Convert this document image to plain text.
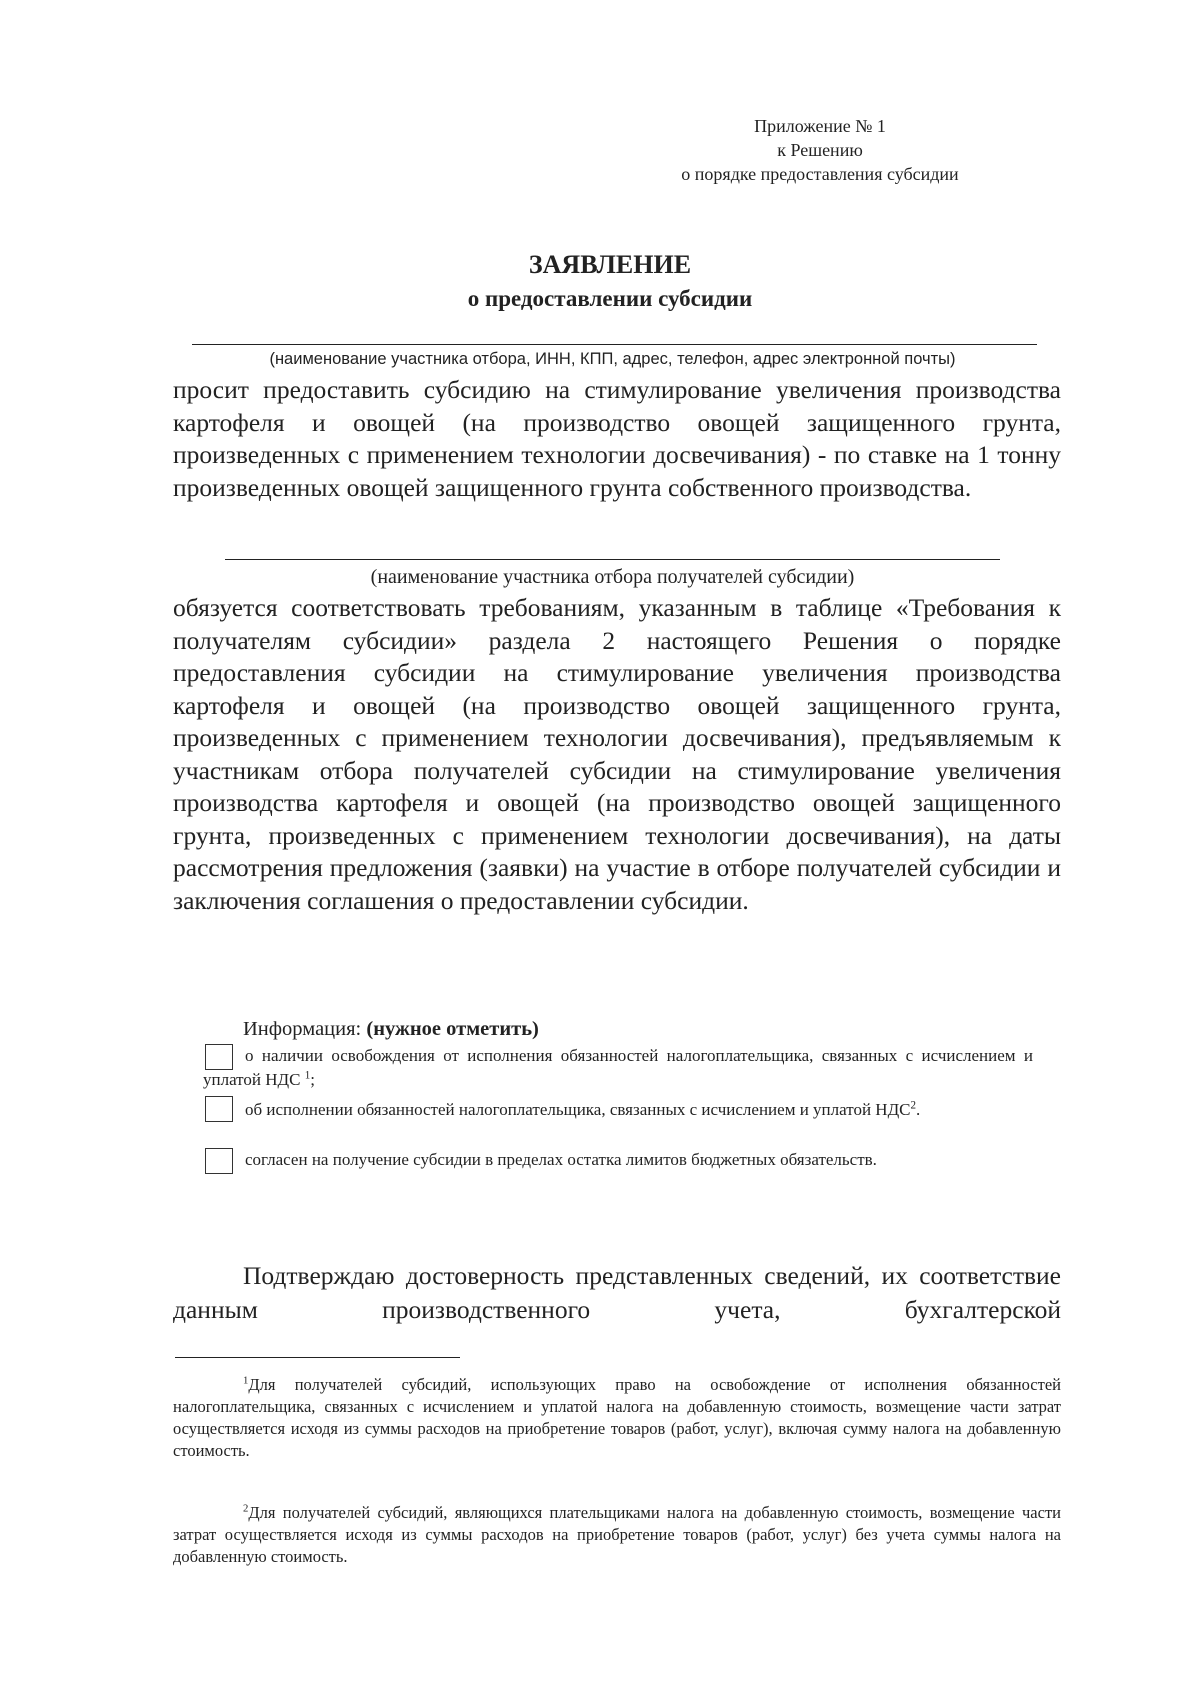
Приложение № 1
к Решению
о порядке предоставления субсидии
ЗАЯВЛЕНИЕ
о предоставлении субсидии
(наименование участника отбора, ИНН, КПП, адрес, телефон, адрес электронной почты)
просит предоставить субсидию на стимулирование увеличения производства картофеля и овощей (на производство овощей защищенного грунта, произведенных с применением технологии досвечивания) - по ставке на 1 тонну произведенных овощей защищенного грунта собственного производства.
(наименование участника отбора получателей субсидии)
обязуется соответствовать требованиям, указанным в таблице «Требования к получателям субсидии» раздела 2 настоящего Решения о порядке предоставления субсидии на стимулирование увеличения производства картофеля и овощей (на производство овощей защищенного грунта, произведенных с применением технологии досвечивания), предъявляемым к участникам отбора получателей субсидии на стимулирование увеличения производства картофеля и овощей (на производство овощей защищенного грунта, произведенных с применением технологии досвечивания), на даты рассмотрения предложения (заявки) на участие в отборе получателей субсидии и заключения соглашения о предоставлении субсидии.
Информация: (нужное отметить)
о наличии освобождения от исполнения обязанностей налогоплательщика, связанных с исчислением и уплатой НДС $^1$;
об исполнении обязанностей налогоплательщика, связанных с исчислением и уплатой НДС$^2$.
согласен на получение субсидии в пределах остатка лимитов бюджетных обязательств.
Подтверждаю достоверность представленных сведений, их соответствие данным производственного учета, бухгалтерской
$^1$Для получателей субсидий, использующих право на освобождение от исполнения обязанностей налогоплательщика, связанных с исчислением и уплатой налога на добавленную стоимость, возмещение части затрат осуществляется исходя из суммы расходов на приобретение товаров (работ, услуг), включая сумму налога на добавленную стоимость.
$^2$Для получателей субсидий, являющихся плательщиками налога на добавленную стоимость, возмещение части затрат осуществляется исходя из суммы расходов на приобретение товаров (работ, услуг) без учета суммы налога на добавленную стоимость.
